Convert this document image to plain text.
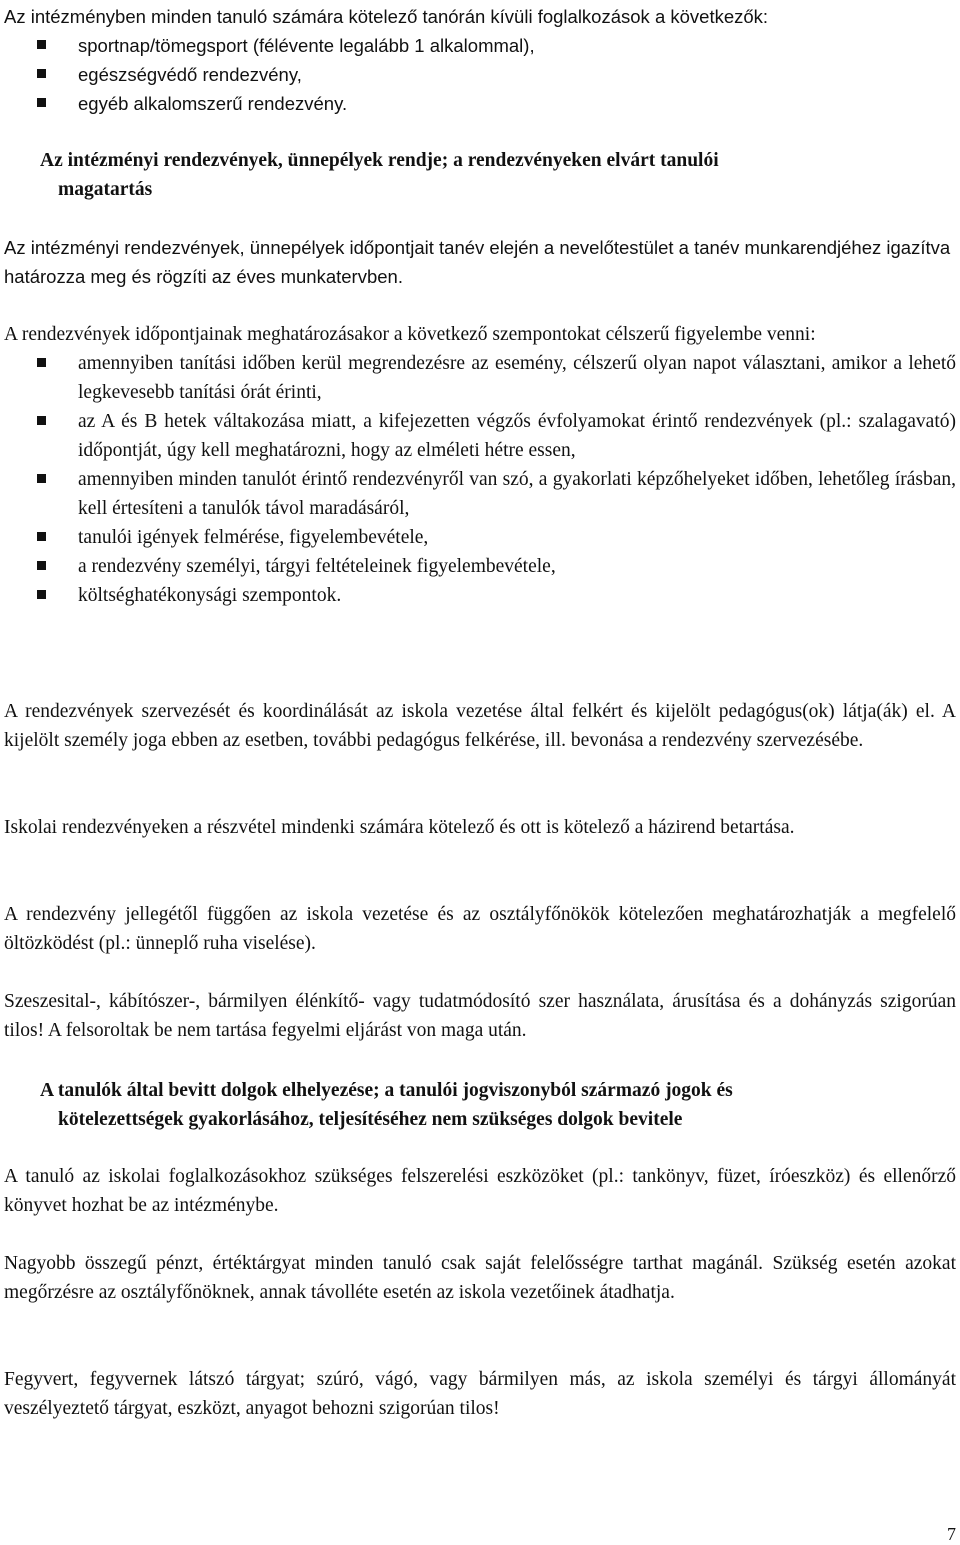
Az intézményben minden tanuló számára kötelező tanórán kívüli foglalkozások a következők:
sportnap/tömegsport (félévente legalább 1 alkalommal),
egészségvédő rendezvény,
egyéb alkalomszerű rendezvény.
Az intézményi rendezvények, ünnepélyek rendje; a rendezvényeken elvárt tanulói
magatartás

Az intézményi rendezvények, ünnepélyek időpontjait tanév elején a nevelőtestület a tanév munkarendjéhez igazítva határozza meg és rögzíti az éves munkatervben.

A rendezvények időpontjainak meghatározásakor a következő szempontokat célszerű figyelembe venni:
amennyiben tanítási időben kerül megrendezésre az esemény, célszerű olyan napot választani, amikor a lehető legkevesebb tanítási órát érinti,
az A és B hetek váltakozása miatt, a kifejezetten végzős évfolyamokat érintő rendezvények (pl.: szalagavató) időpontját, úgy kell meghatározni, hogy az elméleti hétre essen,
amennyiben minden tanulót érintő rendezvényről van szó, a gyakorlati képzőhelyeket időben, lehetőleg írásban, kell értesíteni a tanulók távol maradásáról,
tanulói igények felmérése, figyelembevétele,
a rendezvény személyi, tárgyi feltételeinek figyelembevétele,
költséghatékonysági szempontok.

A rendezvények szervezését és koordinálását az iskola vezetése által felkért és kijelölt pedagógus(ok) látja(ák) el. A kijelölt személy joga ebben az esetben, további pedagógus felkérése, ill. bevonása a rendezvény szervezésébe.

Iskolai rendezvényeken a részvétel mindenki számára kötelező és ott is kötelező a házirend betartása.

A rendezvény jellegétől függően az iskola vezetése és az osztályfőnökök kötelezően meghatározhatják a megfelelő öltözködést (pl.: ünneplő ruha viselése).

Szeszesital-, kábítószer-, bármilyen élénkítő- vagy tudatmódosító szer használata, árusítása és a dohányzás szigorúan tilos! A felsoroltak be nem tartása fegyelmi eljárást von maga után.

A tanulók által bevitt dolgok elhelyezése; a tanulói jogviszonyból származó jogok és
kötelezettségek gyakorlásához, teljesítéséhez nem szükséges dolgok bevitele

A tanuló az iskolai foglalkozásokhoz szükséges felszerelési eszközöket (pl.: tankönyv, füzet, íróeszköz) és ellenőrző könyvet hozhat be az intézménybe.

Nagyobb összegű pénzt, értéktárgyat minden tanuló csak saját felelősségre tarthat magánál. Szükség esetén azokat megőrzésre az osztályfőnöknek, annak távolléte esetén az iskola vezetőinek átadhatja.

Fegyvert, fegyvernek látszó tárgyat; szúró, vágó, vagy bármilyen más, az iskola személyi és tárgyi állományát veszélyeztető tárgyat, eszközt, anyagot behozni szigorúan tilos!

7
